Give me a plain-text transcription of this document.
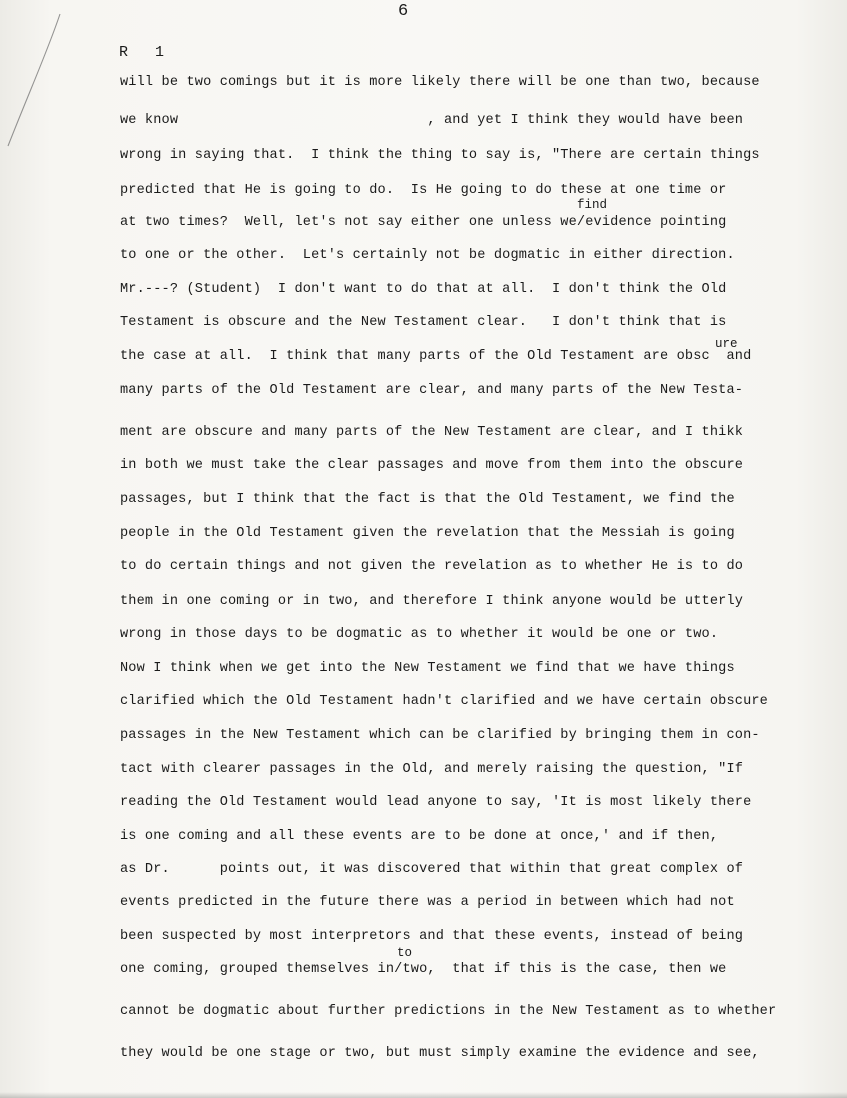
6
R   1
will be two comings but it is more likely there will be one than two, because
we know                              , and yet I think they would have been
wrong in saying that.  I think the thing to say is, "There are certain things
predicted that He is going to do.  Is He going to do these at one time or
find
at two times?  Well, let's not say either one unless we/evidence pointing
to one or the other.  Let's certainly not be dogmatic in either direction.
Mr.---? (Student)  I don't want to do that at all.  I don't think the Old
Testament is obscure and the New Testament clear.   I don't think that is
ure
the case at all.  I think that many parts of the Old Testament are obsc  and
many parts of the Old Testament are clear, and many parts of the New Testa-
ment are obscure and many parts of the New Testament are clear, and I thikk
in both we must take the clear passages and move from them into the obscure
passages, but I think that the fact is that the Old Testament, we find the
people in the Old Testament given the revelation that the Messiah is going
to do certain things and not given the revelation as to whether He is to do
them in one coming or in two, and therefore I think anyone would be utterly
wrong in those days to be dogmatic as to whether it would be one or two.
Now I think when we get into the New Testament we find that we have things
clarified which the Old Testament hadn't clarified and we have certain obscure
passages in the New Testament which can be clarified by bringing them in con-
tact with clearer passages in the Old, and merely raising the question, "If
reading the Old Testament would lead anyone to say, 'It is most likely there
is one coming and all these events are to be done at once,' and if then,
as Dr.      points out, it was discovered that within that great complex of
events predicted in the future there was a period in between which had not
been suspected by most interpretors and that these events, instead of being
to
one coming, grouped themselves in/two,  that if this is the case, then we
cannot be dogmatic about further predictions in the New Testament as to whether
they would be one stage or two, but must simply examine the evidence and see,
